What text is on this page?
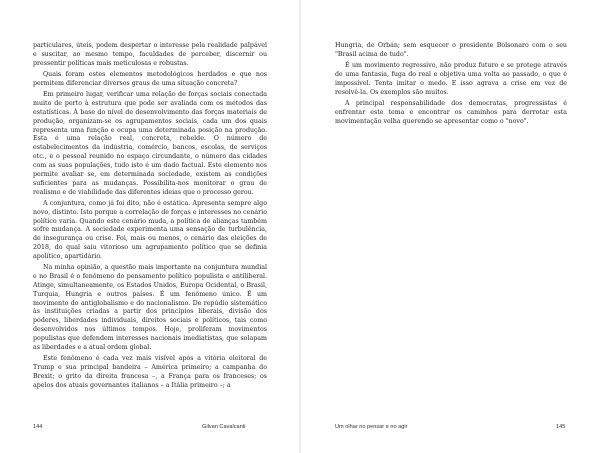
particulares, úteis, podem despertar o interesse pela realidade palpável e suscitar, ao mesmo tempo, faculdades de perceber, discernir ou pressentir políticas mais meticulosas e robustas.

Quais foram estes elementos metodológicos herdados e que nos permitem diferenciar diversos graus de uma situação concreta?

Em primeiro lugar, verificar uma relação de forças sociais conectada muito de perto à estrutura que pode ser avaliada com os métodos das estatísticas. À base do nível de desenvolvimento das forças materiais de produção, organizam-se os agrupamentos sociais, cada um dos quais representa uma função e ocupa uma determinada posição na produção. Esta é uma relação real, concreta, rebelde. O número de estabelecimentos da indústria, comércio, bancos, escolas, de serviços etc., e o pessoal reunido no espaço circundante, o número das cidades com as suas populações, tudo isto é um dado factual. Este elemento nos permite avaliar se, em determinada sociedade, existem as condições suficientes para as mudanças. Possibilita-nos monitorar o grau de realismo e de viabilidade das diferentes ideias que o processo gerou.

A conjuntura, como já foi dito, não é estática. Apresenta sempre algo novo, distinto. Isto porque a correlação de forças e interesses no cenário político varia. Quando este cenário muda, a política de alianças também sofre mudança. A sociedade experimenta uma sensação de turbulência, de insegurança ou crise. Foi, mais ou menos, o cenário das eleições de 2018, do qual saiu vitorioso um agrupamento político que se definia apolítico, apartidário.

Na minha opinião, a questão mais importante na conjuntura mundial e no Brasil é o fenômeno do pensamento político populista e antiliberal. Atinge, simultaneamente, os Estados Unidos, Europa Ocidental, o Brasil, Turquia, Hungria e outros países. É um fenômeno único. É um movimento do antiglobalismo e do nacionalismo. De repúdio sistemático às instituições criadas a partir dos princípios liberais, divisão dos poderes, liberdades individuais, direitos sociais e políticos, tais como desenvolvidos nos últimos tempos. Hoje, proliferam movimentos populistas que defendem interesses nacionais imediatistas, que solapam as liberdades e a atual ordem global.

Este fenômeno é cada vez mais visível após a vitória eleitoral de Trump e sua principal bandeira – América primeiro; a campanha do Brexit; o grito da direita francesa –, a França para os franceses; os apelos dos atuais governantes italianos – a Itália primeiro –; a

144	Gilvan Cavalcanti

Hungria, de Orbán; sem esquecer o presidente Bolsonaro com o seu "Brasil acima de tudo".

É um movimento regressivo, não produz futuro e se protege através de uma fantasia, fuga do real e objetiva uma volta ao passado, o que é impossível. Tenta imitar o medo. E isso agrava a crise em vez de resolvê-la. Os exemplos são muitos.

A principal responsabilidade dos democratas, progressistas é enfrentar este tema e encontrar os caminhos para derrotar esta movimentação velha querendo se apresentar como o "novo".

Um olhar no pensar e no agir	145
